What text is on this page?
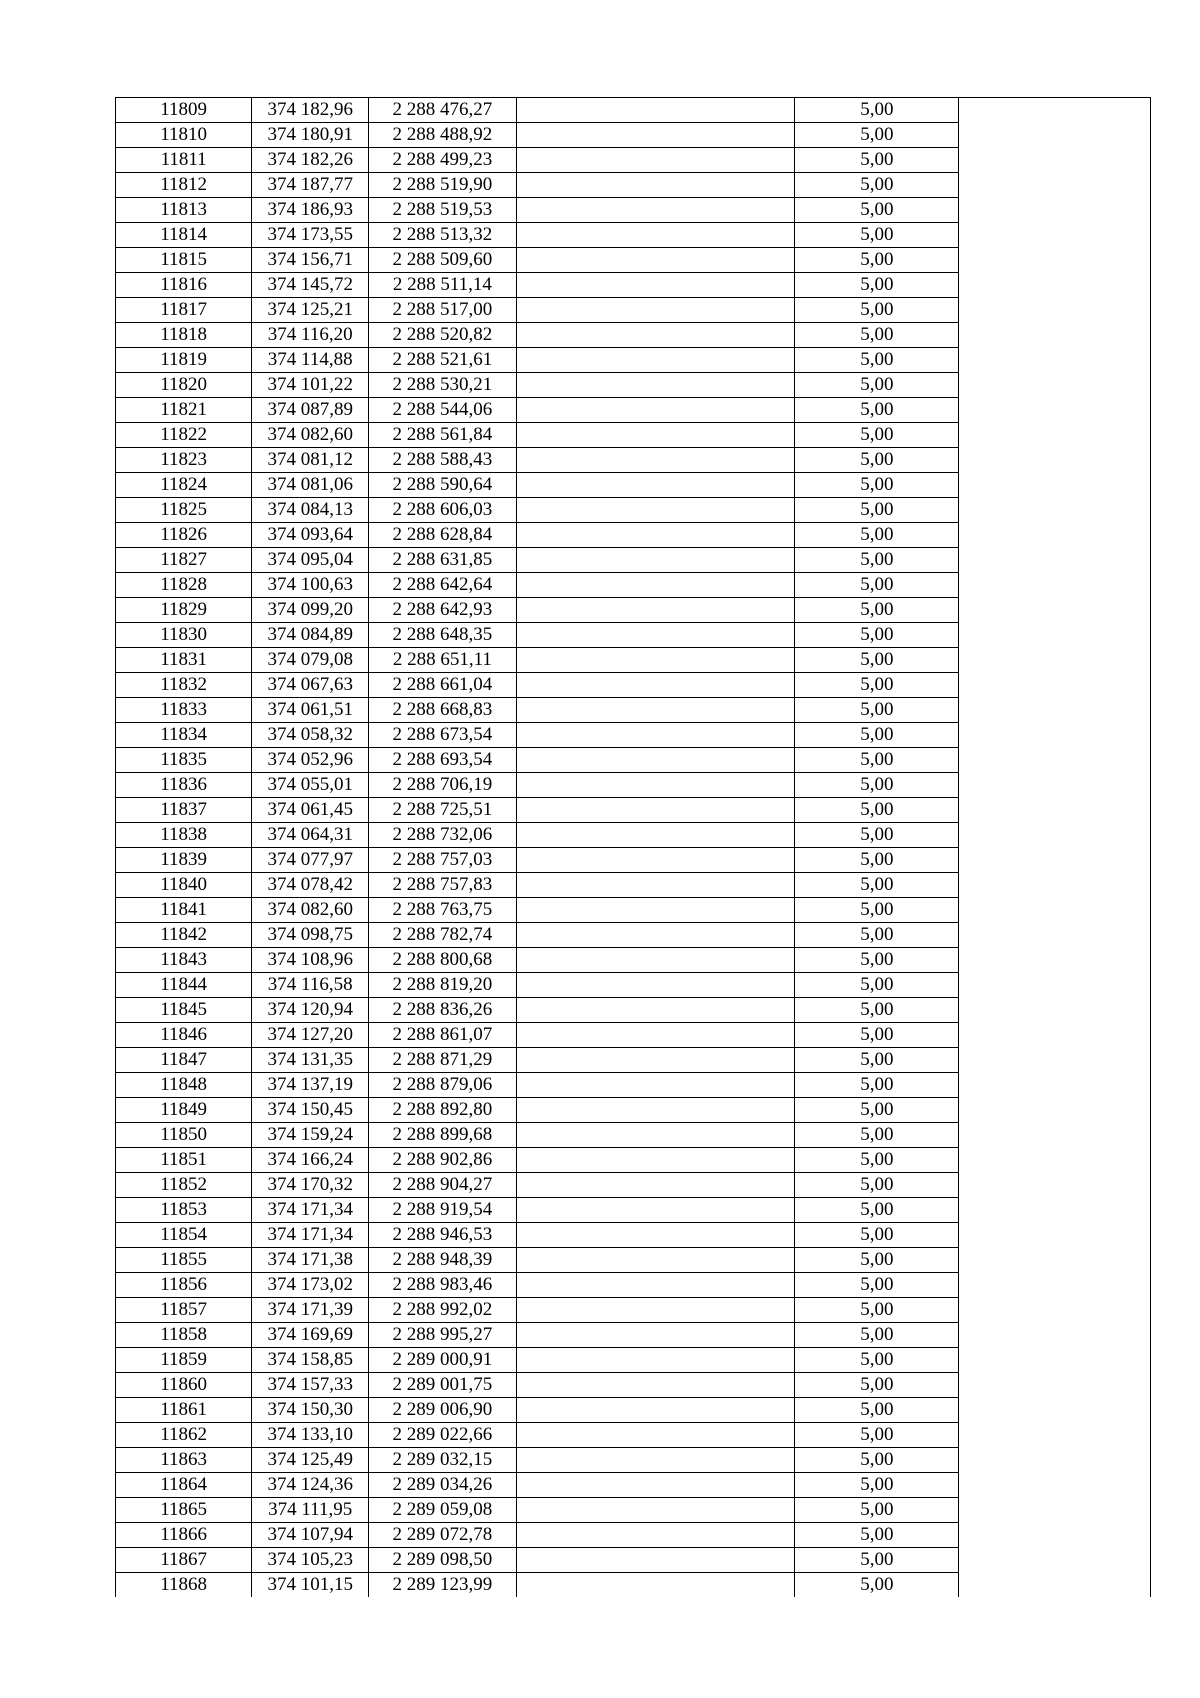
11809	374 182,96	2 288 476,27		5,00	
11810	374 180,91	2 288 488,92		5,00	
11811	374 182,26	2 288 499,23		5,00	
11812	374 187,77	2 288 519,90		5,00	
11813	374 186,93	2 288 519,53		5,00	
11814	374 173,55	2 288 513,32		5,00	
11815	374 156,71	2 288 509,60		5,00	
11816	374 145,72	2 288 511,14		5,00	
11817	374 125,21	2 288 517,00		5,00	
11818	374 116,20	2 288 520,82		5,00	
11819	374 114,88	2 288 521,61		5,00	
11820	374 101,22	2 288 530,21		5,00	
11821	374 087,89	2 288 544,06		5,00	
11822	374 082,60	2 288 561,84		5,00	
11823	374 081,12	2 288 588,43		5,00	
11824	374 081,06	2 288 590,64		5,00	
11825	374 084,13	2 288 606,03		5,00	
11826	374 093,64	2 288 628,84		5,00	
11827	374 095,04	2 288 631,85		5,00	
11828	374 100,63	2 288 642,64		5,00	
11829	374 099,20	2 288 642,93		5,00	
11830	374 084,89	2 288 648,35		5,00	
11831	374 079,08	2 288 651,11		5,00	
11832	374 067,63	2 288 661,04		5,00	
11833	374 061,51	2 288 668,83		5,00	
11834	374 058,32	2 288 673,54		5,00	
11835	374 052,96	2 288 693,54		5,00	
11836	374 055,01	2 288 706,19		5,00	
11837	374 061,45	2 288 725,51		5,00	
11838	374 064,31	2 288 732,06		5,00	
11839	374 077,97	2 288 757,03		5,00	
11840	374 078,42	2 288 757,83		5,00	
11841	374 082,60	2 288 763,75		5,00	
11842	374 098,75	2 288 782,74		5,00	
11843	374 108,96	2 288 800,68		5,00	
11844	374 116,58	2 288 819,20		5,00	
11845	374 120,94	2 288 836,26		5,00	
11846	374 127,20	2 288 861,07		5,00	
11847	374 131,35	2 288 871,29		5,00	
11848	374 137,19	2 288 879,06		5,00	
11849	374 150,45	2 288 892,80		5,00	
11850	374 159,24	2 288 899,68		5,00	
11851	374 166,24	2 288 902,86		5,00	
11852	374 170,32	2 288 904,27		5,00	
11853	374 171,34	2 288 919,54		5,00	
11854	374 171,34	2 288 946,53		5,00	
11855	374 171,38	2 288 948,39		5,00	
11856	374 173,02	2 288 983,46		5,00	
11857	374 171,39	2 288 992,02		5,00	
11858	374 169,69	2 288 995,27		5,00	
11859	374 158,85	2 289 000,91		5,00	
11860	374 157,33	2 289 001,75		5,00	
11861	374 150,30	2 289 006,90		5,00	
11862	374 133,10	2 289 022,66		5,00	
11863	374 125,49	2 289 032,15		5,00	
11864	374 124,36	2 289 034,26		5,00	
11865	374 111,95	2 289 059,08		5,00	
11866	374 107,94	2 289 072,78		5,00	
11867	374 105,23	2 289 098,50		5,00	
11868	374 101,15	2 289 123,99		5,00	
